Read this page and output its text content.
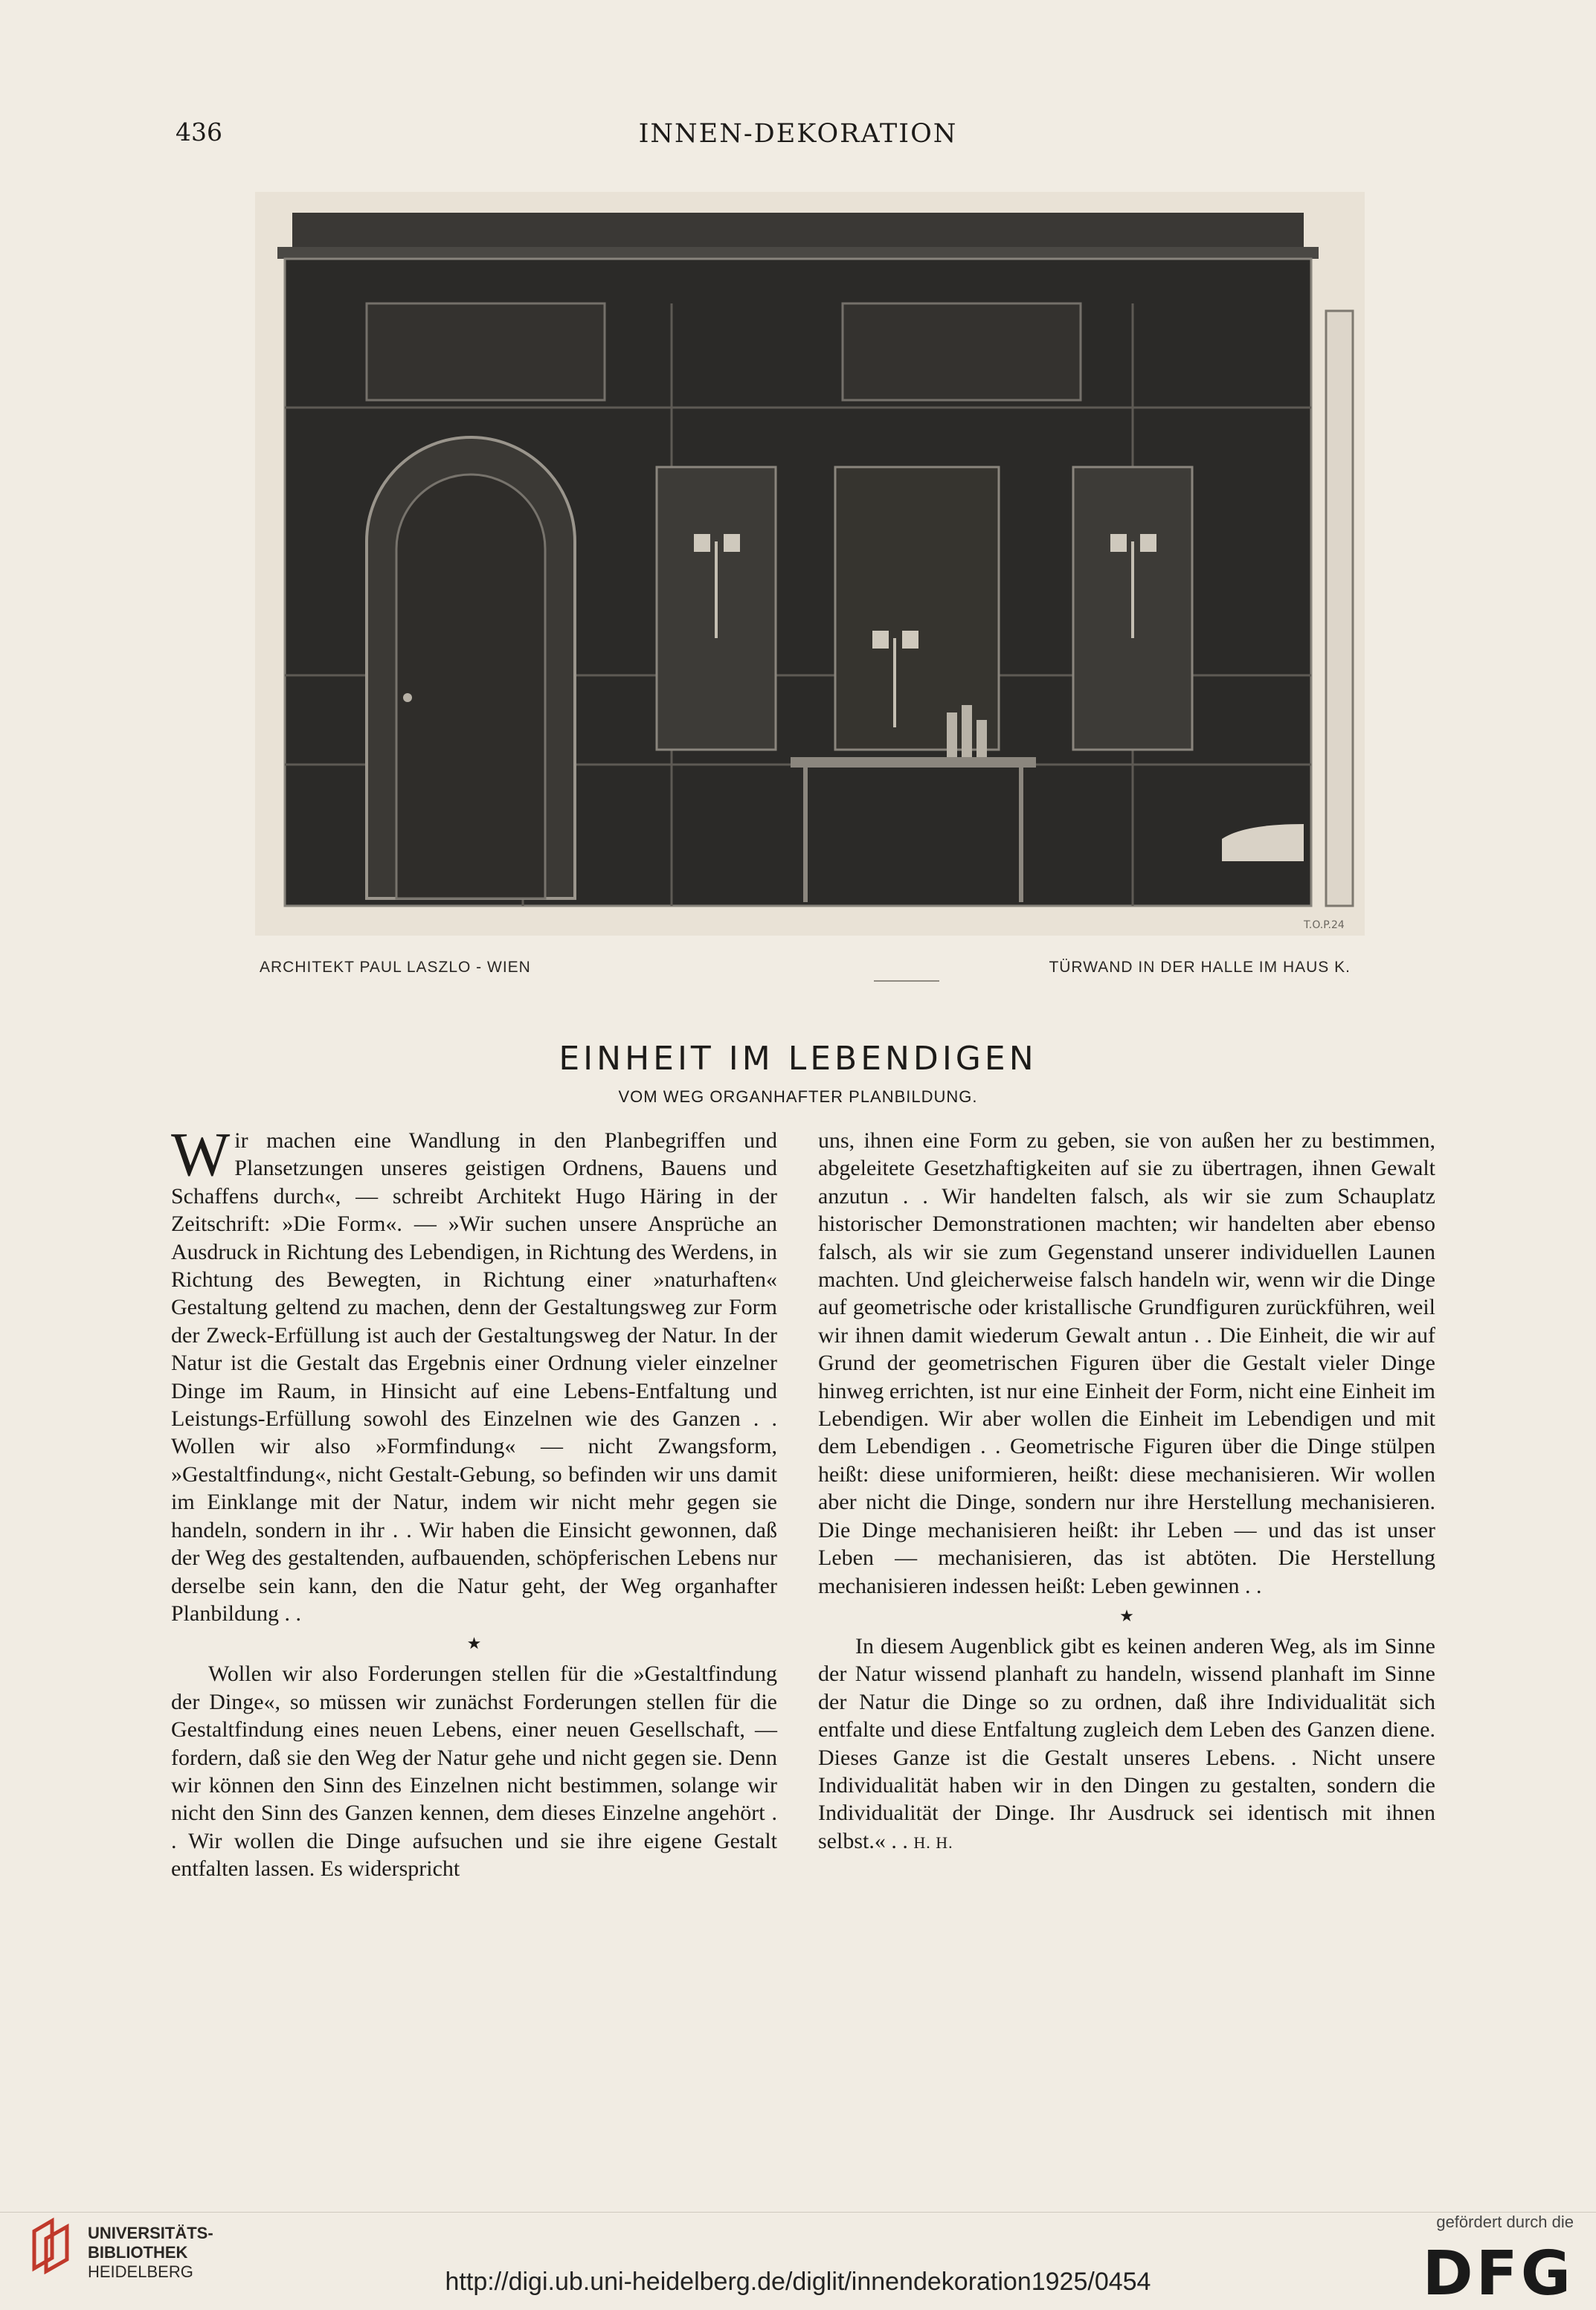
436	INNEN-DEKORATION
T.O.P.24
ARCHITEKT PAUL LASZLO - WIEN	TÜRWAND IN DER HALLE IM HAUS K.
EINHEIT IM LEBENDIGEN
VOM WEG ORGANHAFTER PLANBILDUNG.

Wir machen eine Wandlung in den Planbegriffen und Plansetzungen unseres geistigen Ordnens, Bauens und Schaffens durch«, — schreibt Architekt Hugo Häring in der Zeitschrift: »Die Form«. — »Wir suchen unsere Ansprüche an Ausdruck in Richtung des Lebendigen, in Richtung des Werdens, in Richtung des Bewegten, in Richtung einer »naturhaften« Gestaltung geltend zu machen, denn der Gestaltungsweg zur Form der Zweck-Erfüllung ist auch der Gestaltungsweg der Natur. In der Natur ist die Gestalt das Ergebnis einer Ordnung vieler einzelner Dinge im Raum, in Hinsicht auf eine Lebens-Entfaltung und Leistungs-Erfüllung sowohl des Einzelnen wie des Ganzen . . Wollen wir also »Formfindung« — nicht Zwangsform, »Gestaltfindung«, nicht Gestalt-Gebung, so befinden wir uns damit im Einklange mit der Natur, indem wir nicht mehr gegen sie handeln, sondern in ihr . . Wir haben die Einsicht gewonnen, daß der Weg des gestaltenden, aufbauenden, schöpferischen Lebens nur derselbe sein kann, den die Natur geht, der Weg organhafter Planbildung . .

★

Wollen wir also Forderungen stellen für die »Gestaltfindung der Dinge«, so müssen wir zunächst Forderungen stellen für die Gestaltfindung eines neuen Lebens, einer neuen Gesellschaft, — fordern, daß sie den Weg der Natur gehe und nicht gegen sie. Denn wir können den Sinn des Einzelnen nicht bestimmen, solange wir nicht den Sinn des Ganzen kennen, dem dieses Einzelne angehört . . Wir wollen die Dinge aufsuchen und sie ihre eigene Gestalt entfalten lassen. Es widerspricht

uns, ihnen eine Form zu geben, sie von außen her zu bestimmen, abgeleitete Gesetzhaftigkeiten auf sie zu übertragen, ihnen Gewalt anzutun . . Wir handelten falsch, als wir sie zum Schauplatz historischer Demonstrationen machten; wir handelten aber ebenso falsch, als wir sie zum Gegenstand unserer individuellen Launen machten. Und gleicherweise falsch handeln wir, wenn wir die Dinge auf geometrische oder kristallische Grundfiguren zurückführen, weil wir ihnen damit wiederum Gewalt antun . . Die Einheit, die wir auf Grund der geometrischen Figuren über die Gestalt vieler Dinge hinweg errichten, ist nur eine Einheit der Form, nicht eine Einheit im Lebendigen. Wir aber wollen die Einheit im Lebendigen und mit dem Lebendigen . . Geometrische Figuren über die Dinge stülpen heißt: diese uniformieren, heißt: diese mechanisieren. Wir wollen aber nicht die Dinge, sondern nur ihre Herstellung mechanisieren. Die Dinge mechanisieren heißt: ihr Leben — und das ist unser Leben — mechanisieren, das ist abtöten. Die Herstellung mechanisieren indessen heißt: Leben gewinnen . .

★

In diesem Augenblick gibt es keinen anderen Weg, als im Sinne der Natur wissend planhaft zu handeln, wissend planhaft im Sinne der Natur die Dinge so zu ordnen, daß ihre Individualität sich entfalte und diese Entfaltung zugleich dem Leben des Ganzen diene. Dieses Ganze ist die Gestalt unseres Lebens. . Nicht unsere Individualität haben wir in den Dingen zu gestalten, sondern die Individualität der Dinge. Ihr Ausdruck sei identisch mit ihnen selbst.« . . H. H.

UNIVERSITÄTS-
BIBLIOTHEK
HEIDELBERG	http://digi.ub.uni-heidelberg.de/diglit/innendekoration1925/0454
gefördert durch die
DFG
